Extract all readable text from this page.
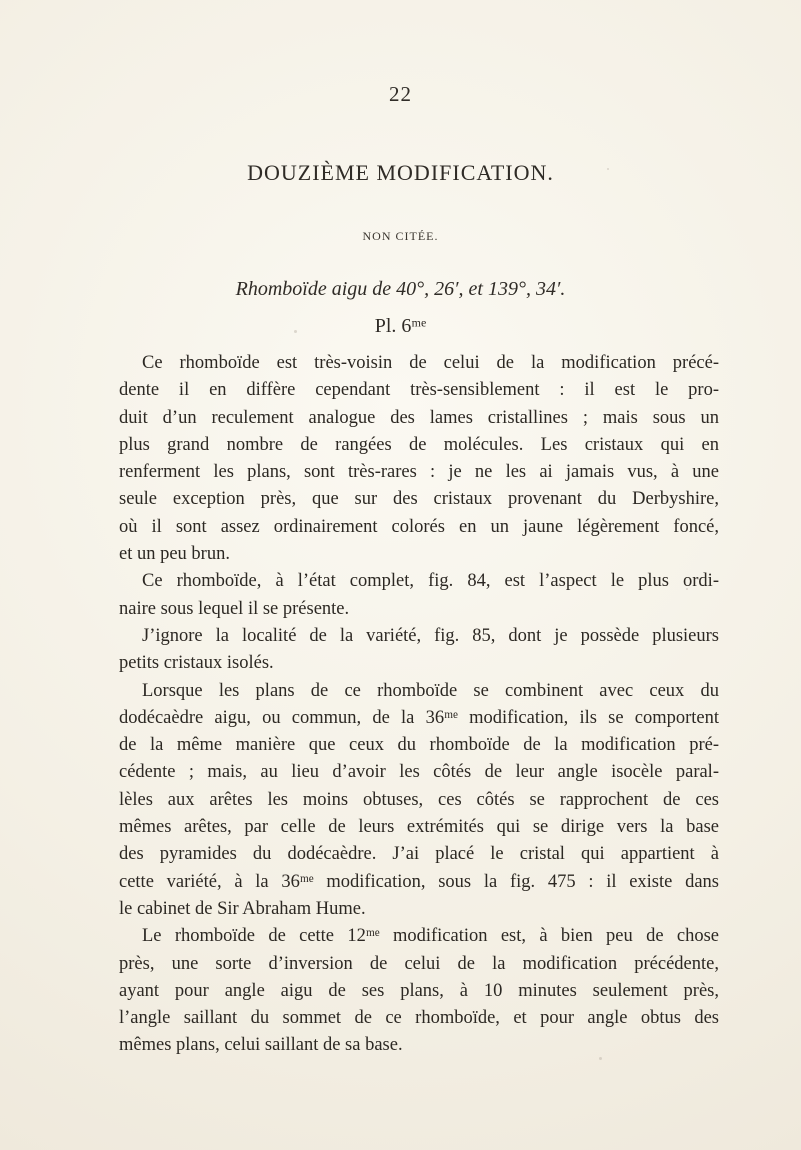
22
DOUZIÈME MODIFICATION.
NON CITÉE.
Rhomboïde aigu de 40°, 26′, et 139°, 34′.
Pl. 6ᵐᵉ
Ce rhomboïde est très-voisin de celui de la modification précé-
dente il en diffère cependant très-sensiblement : il est le pro-
duit d’un reculement analogue des lames cristallines ; mais sous un
plus grand nombre de rangées de molécules. Les cristaux qui en
renferment les plans, sont très-rares : je ne les ai jamais vus, à une
seule exception près, que sur des cristaux provenant du Derbyshire,
où il sont assez ordinairement colorés en un jaune légèrement foncé,
et un peu brun.
Ce rhomboïde, à l’état complet, fig. 84, est l’aspect le plus ordi-
naire sous lequel il se présente.
J’ignore la localité de la variété, fig. 85, dont je possède plusieurs
petits cristaux isolés.
Lorsque les plans de ce rhomboïde se combinent avec ceux du
dodécaèdre aigu, ou commun, de la 36ᵐᵉ modification, ils se comportent
de la même manière que ceux du rhomboïde de la modification pré-
cédente ; mais, au lieu d’avoir les côtés de leur angle isocèle paral-
lèles aux arêtes les moins obtuses, ces côtés se rapprochent de ces
mêmes arêtes, par celle de leurs extrémités qui se dirige vers la base
des pyramides du dodécaèdre. J’ai placé le cristal qui appartient à
cette variété, à la 36ᵐᵉ modification, sous la fig. 475 : il existe dans
le cabinet de Sir Abraham Hume.
Le rhomboïde de cette 12ᵐᵉ modification est, à bien peu de chose
près, une sorte d’inversion de celui de la modification précédente,
ayant pour angle aigu de ses plans, à 10 minutes seulement près,
l’angle saillant du sommet de ce rhomboïde, et pour angle obtus des
mêmes plans, celui saillant de sa base.
